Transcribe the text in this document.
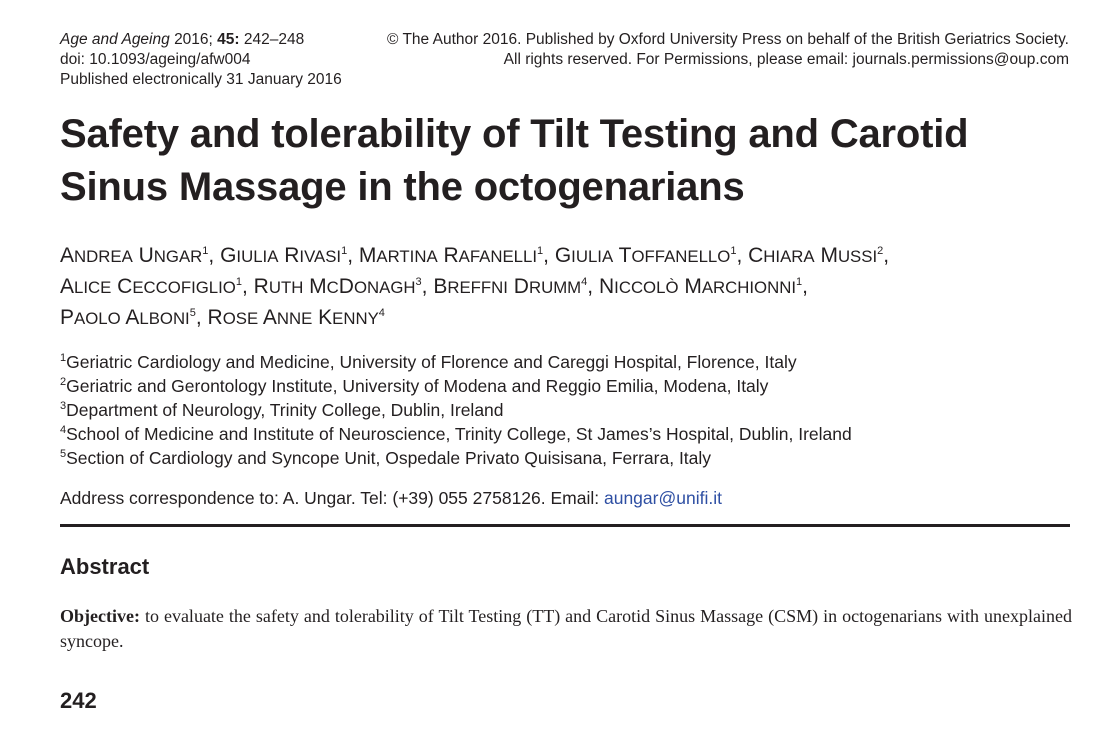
Age and Ageing 2016; 45: 242–248
doi: 10.1093/ageing/afw004
Published electronically 31 January 2016
© The Author 2016. Published by Oxford University Press on behalf of the British Geriatrics Society.
All rights reserved. For Permissions, please email: journals.permissions@oup.com
Safety and tolerability of Tilt Testing and Carotid
Sinus Massage in the octogenarians
ANDREA UNGAR$^1$, GIULIA RIVASI$^1$, MARTINA RAFANELLI$^1$, GIULIA TOFFANELLO$^1$, CHIARA MUSSI$^2$,
ALICE CECCOFIGLIO$^1$, RUTH MCDONAGH$^3$, BREFFNI DRUMM$^4$, NICCOLÒ MARCHIONNI$^1$,
PAOLO ALBONI$^5$, ROSE ANNE KENNY$^4$
$^1$Geriatric Cardiology and Medicine, University of Florence and Careggi Hospital, Florence, Italy
$^2$Geriatric and Gerontology Institute, University of Modena and Reggio Emilia, Modena, Italy
$^3$Department of Neurology, Trinity College, Dublin, Ireland
$^4$School of Medicine and Institute of Neuroscience, Trinity College, St James’s Hospital, Dublin, Ireland
$^5$Section of Cardiology and Syncope Unit, Ospedale Privato Quisisana, Ferrara, Italy
Address correspondence to: A. Ungar. Tel: (+39) 055 2758126. Email: aungar@unifi.it
Abstract

Objective: to evaluate the safety and tolerability of Tilt Testing (TT) and Carotid Sinus Massage (CSM) in octogenarians with unexplained syncope.

242
